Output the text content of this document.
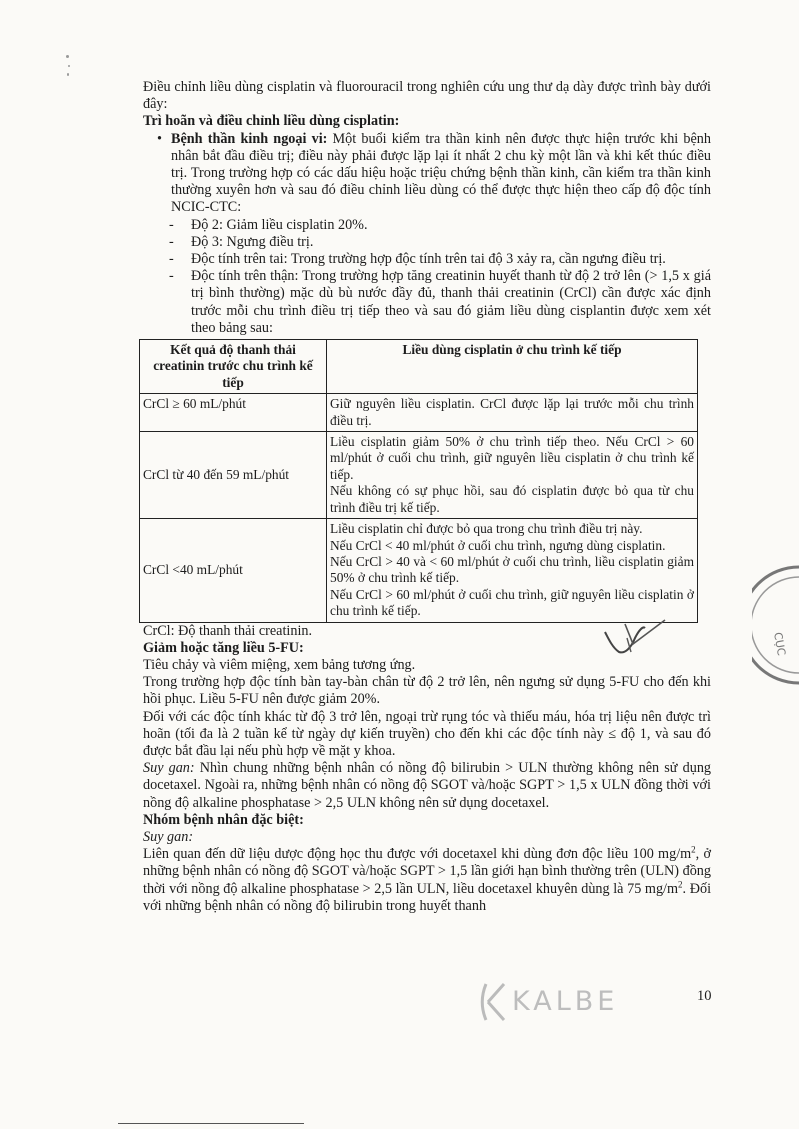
Điều chỉnh liều dùng cisplatin và fluorouracil trong nghiên cứu ung thư dạ dày được trình bày dưới đây:

Trì hoãn và điều chỉnh liều dùng cisplatin:

• Bệnh thần kinh ngoại vi: Một buổi kiểm tra thần kinh nên được thực hiện trước khi bệnh nhân bắt đầu điều trị; điều này phải được lặp lại ít nhất 2 chu kỳ một lần và khi kết thúc điều trị. Trong trường hợp có các dấu hiệu hoặc triệu chứng bệnh thần kinh, cần kiểm tra thần kinh thường xuyên hơn và sau đó điều chỉnh liều dùng có thể được thực hiện theo cấp độ độc tính NCIC-CTC:
- Độ 2: Giảm liều cisplatin 20%.
- Độ 3: Ngưng điều trị.
- Độc tính trên tai: Trong trường hợp độc tính trên tai độ 3 xảy ra, cần ngưng điều trị.
- Độc tính trên thận: Trong trường hợp tăng creatinin huyết thanh từ độ 2 trở lên (> 1,5 x giá trị bình thường) mặc dù bù nước đầy đủ, thanh thải creatinin (CrCl) cần được xác định trước mỗi chu trình điều trị tiếp theo và sau đó giảm liều dùng cisplantin được xem xét theo bảng sau:
Kết quả độ thanh thải creatinin trước chu trình kế tiếp	Liều dùng cisplatin ở chu trình kế tiếp
CrCl ≥ 60 mL/phút	Giữ nguyên liều cisplatin. CrCl được lặp lại trước mỗi chu trình điều trị.

CrCl từ 40 đến 59 mL/phút	Liều cisplatin giảm 50% ở chu trình tiếp theo. Nếu CrCl > 60 ml/phút ở cuối chu trình, giữ nguyên liều cisplatin ở chu trình kế tiếp.

Nếu không có sự phục hồi, sau đó cisplatin được bỏ qua từ chu trình điều trị kế tiếp.

CrCl <40 mL/phút	Liều cisplatin chỉ được bỏ qua trong chu trình điều trị này.

Nếu CrCl < 40 ml/phút ở cuối chu trình, ngưng dùng cisplatin.

Nếu CrCl > 40 và < 60 ml/phút ở cuối chu trình, liều cisplatin giảm 50% ở chu trình kế tiếp.

Nếu CrCl > 60 ml/phút ở cuối chu trình, giữ nguyên liều cisplatin ở chu trình kế tiếp.

CrCl: Độ thanh thải creatinin.

Giảm hoặc tăng liều 5-FU:

Tiêu chảy và viêm miệng, xem bảng tương ứng.

Trong trường hợp độc tính bàn tay-bàn chân từ độ 2 trở lên, nên ngưng sử dụng 5-FU cho đến khi hồi phục. Liều 5-FU nên được giảm 20%.

Đối với các độc tính khác từ độ 3 trở lên, ngoại trừ rụng tóc và thiếu máu, hóa trị liệu nên được trì hoãn (tối đa là 2 tuần kể từ ngày dự kiến truyền) cho đến khi các độc tính này ≤ độ 1, và sau đó được bắt đầu lại nếu phù hợp về mặt y khoa.

Suy gan: Nhìn chung những bệnh nhân có nồng độ bilirubin > ULN thường không nên sử dụng docetaxel. Ngoài ra, những bệnh nhân có nồng độ SGOT và/hoặc SGPT > 1,5 x ULN đồng thời với nồng độ alkaline phosphatase > 2,5 ULN không nên sử dụng docetaxel.

Nhóm bệnh nhân đặc biệt:

Suy gan:

Liên quan đến dữ liệu dược động học thu được với docetaxel khi dùng đơn độc liều 100 $mg/m^2$, ở những bệnh nhân có nồng độ SGOT và/hoặc SGPT > 1,5 lần giới hạn bình thường trên (ULN) đồng thời với nồng độ alkaline phosphatase > 2,5 lần ULN, liều docetaxel khuyên dùng là 75 $mg/m^2$. Đối với những bệnh nhân có nồng độ bilirubin trong huyết thanh

CỤC
KALBE	10
